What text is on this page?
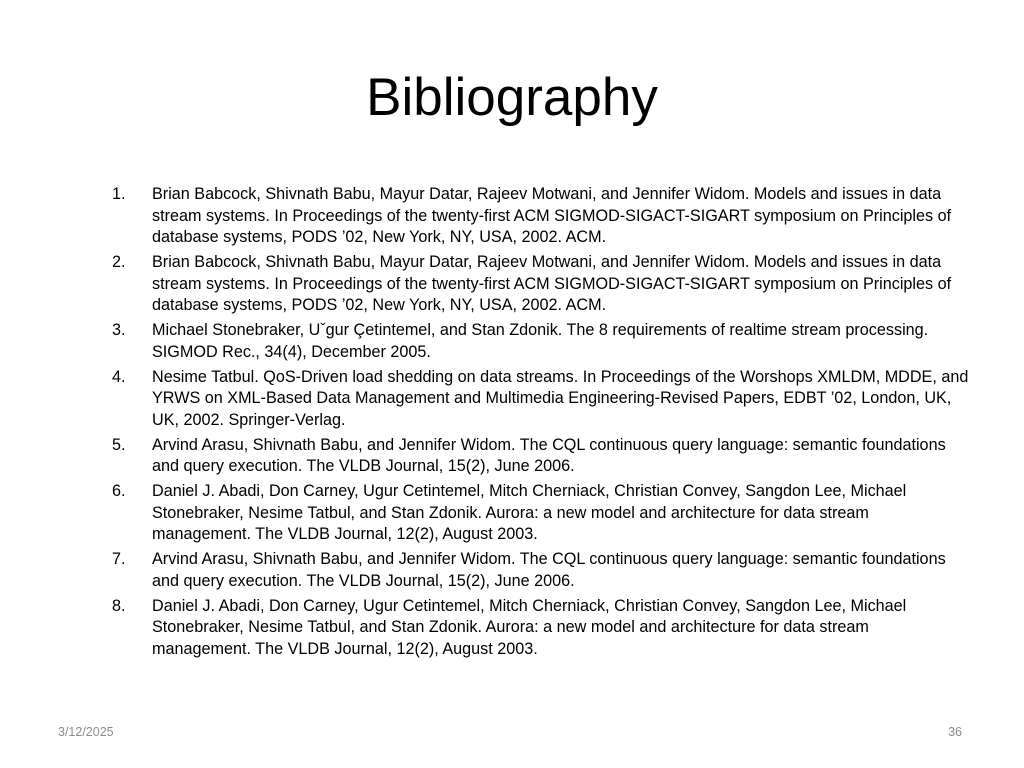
Bibliography
1. Brian Babcock, Shivnath Babu, Mayur Datar, Rajeev Motwani, and Jennifer Widom. Models and issues in data stream systems. In Proceedings of the twenty-first ACM SIGMOD-SIGACT-SIGART symposium on Principles of database systems, PODS ’02, New York, NY, USA, 2002. ACM.
2. Brian Babcock, Shivnath Babu, Mayur Datar, Rajeev Motwani, and Jennifer Widom. Models and issues in data stream systems. In Proceedings of the twenty-first ACM SIGMOD-SIGACT-SIGART symposium on Principles of database systems, PODS ’02, New York, NY, USA, 2002. ACM.
3. Michael Stonebraker, Uˇgur Çetintemel, and Stan Zdonik. The 8 requirements of realtime stream processing. SIGMOD Rec., 34(4), December 2005.
4. Nesime Tatbul. QoS-Driven load shedding on data streams. In Proceedings of the Worshops XMLDM, MDDE, and YRWS on XML-Based Data Management and Multimedia Engineering-Revised Papers, EDBT ’02, London, UK, UK, 2002. Springer-Verlag.
5. Arvind Arasu, Shivnath Babu, and Jennifer Widom. The CQL continuous query language: semantic foundations and query execution. The VLDB Journal, 15(2), June 2006.
6. Daniel J. Abadi, Don Carney, Ugur Cetintemel, Mitch Cherniack, Christian Convey, Sangdon Lee, Michael Stonebraker, Nesime Tatbul, and Stan Zdonik. Aurora: a new model and architecture for data stream management. The VLDB Journal, 12(2), August 2003.
7. Arvind Arasu, Shivnath Babu, and Jennifer Widom. The CQL continuous query language: semantic foundations and query execution. The VLDB Journal, 15(2), June 2006.
8. Daniel J. Abadi, Don Carney, Ugur Cetintemel, Mitch Cherniack, Christian Convey, Sangdon Lee, Michael Stonebraker, Nesime Tatbul, and Stan Zdonik. Aurora: a new model and architecture for data stream management. The VLDB Journal, 12(2), August 2003.
3/12/2025	36
